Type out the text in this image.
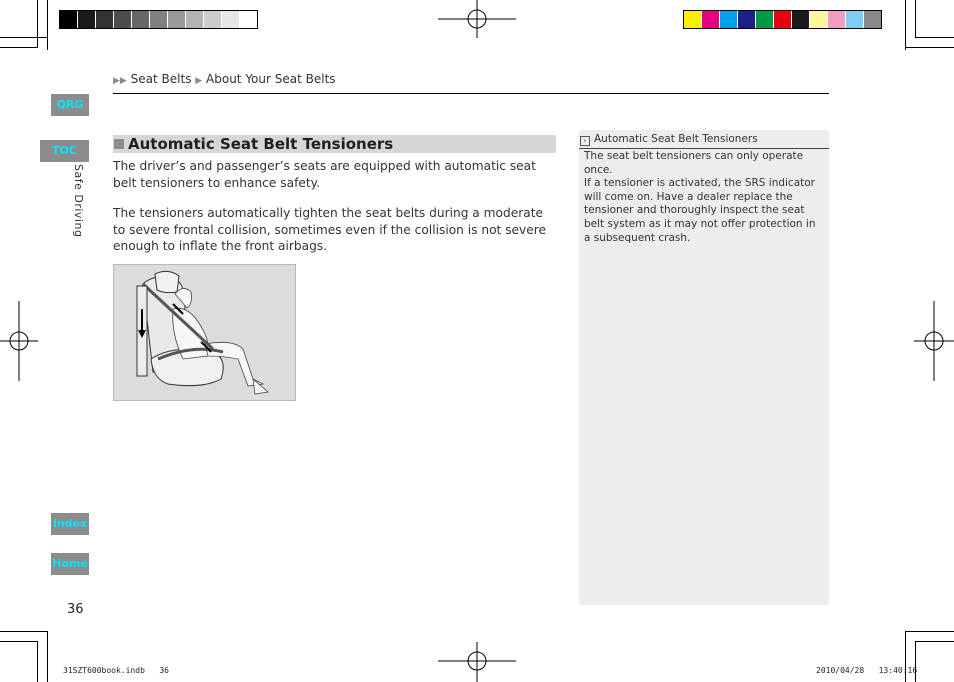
QRG
TOC
Safe Driving
Index
Home
▶▶ Seat Belts ▶ About Your Seat Belts
Automatic Seat Belt Tensioners
The driver’s and passenger’s seats are equipped with automatic seat belt tensioners to enhance safety.
The tensioners automatically tighten the seat belts during a moderate to severe frontal collision, sometimes even if the collision is not severe enough to inflate the front airbags.
› Automatic Seat Belt Tensioners
The seat belt tensioners can only operate once.
If a tensioner is activated, the SRS indicator will come on. Have a dealer replace the tensioner and thoroughly inspect the seat belt system as it may not offer protection in a subsequent crash.
36
31SZT600book.indb   36	2010/04/28   13:40:16
